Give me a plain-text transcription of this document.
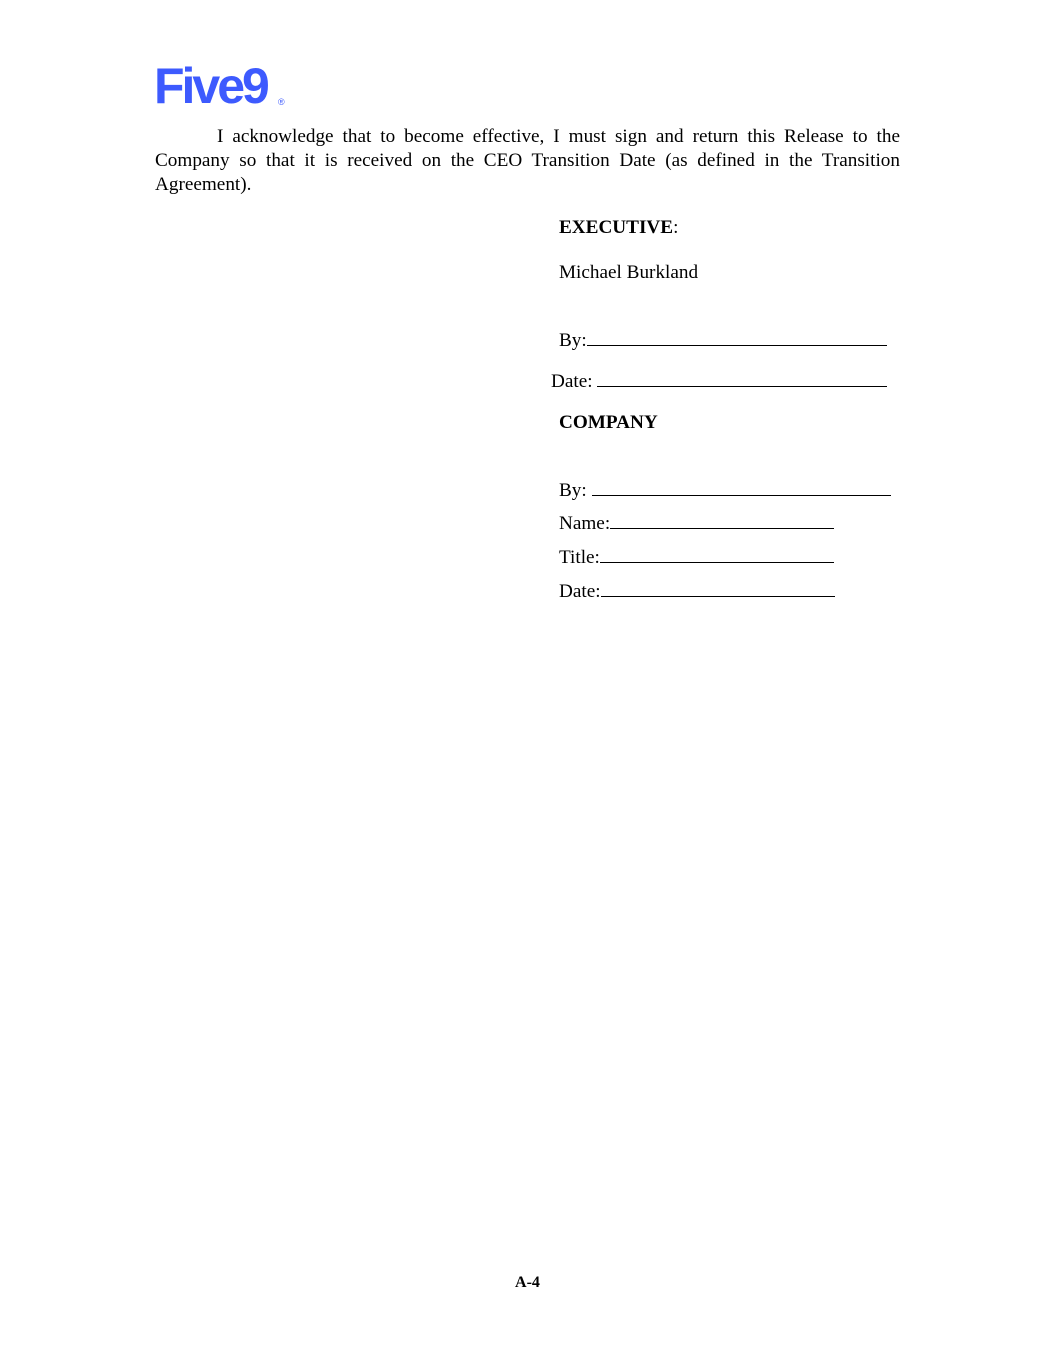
Five9 ®

I acknowledge that to become effective, I must sign and return this Release to the Company so that it is received on the CEO Transition Date (as defined in the Transition Agreement).

EXECUTIVE:
Michael Burkland
By:
Date:
COMPANY
By:
Name:
Title:
Date:
A-4
